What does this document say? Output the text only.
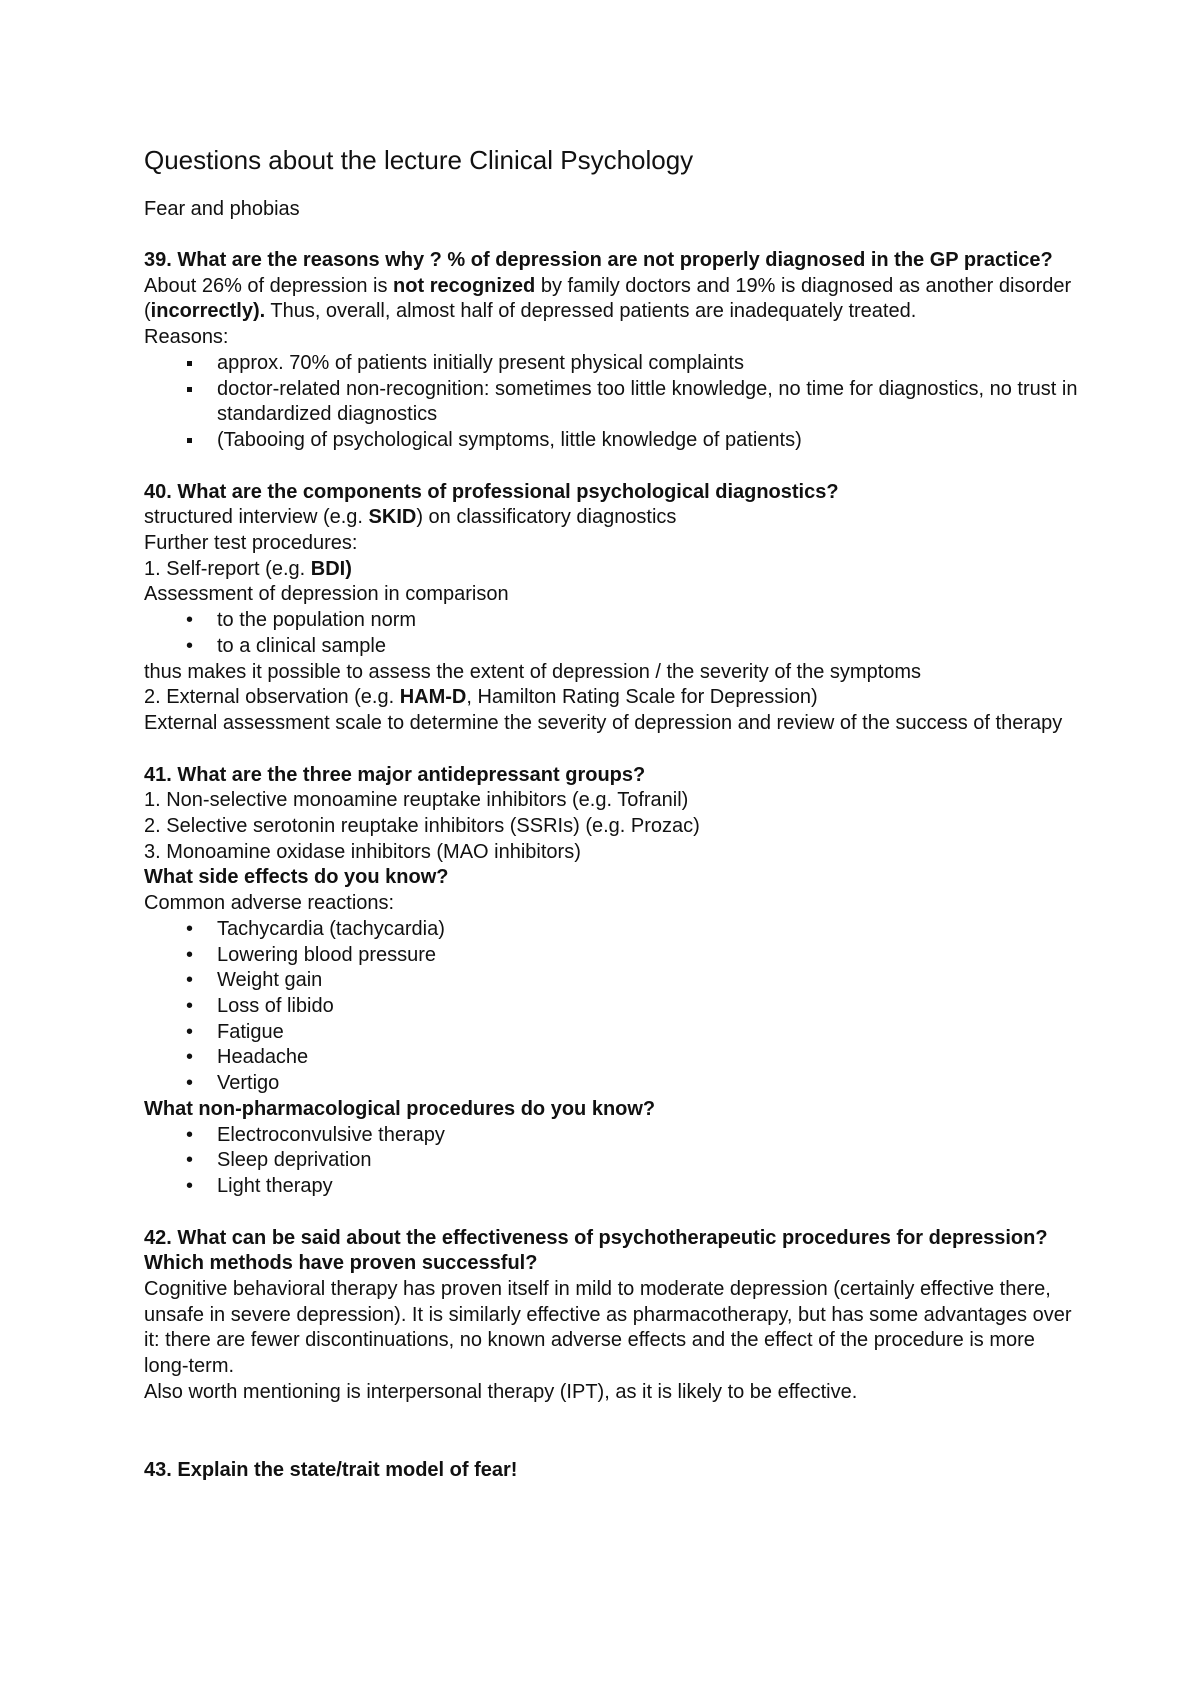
Questions about the lecture Clinical Psychology
Fear and phobias

39. What are the reasons why ? % of depression are not properly diagnosed in the GP practice?

About 26% of depression is not recognized by family doctors and 19% is diagnosed as another disorder (incorrectly). Thus, overall, almost half of depressed patients are inadequately treated.

Reasons:

approx. 70% of patients initially present physical complaints
doctor-related non-recognition: sometimes too little knowledge, no time for diagnostics, no trust in standardized diagnostics
(Tabooing of psychological symptoms, little knowledge of patients)

40. What are the components of professional psychological diagnostics?

structured interview (e.g. SKID) on classificatory diagnostics

Further test procedures:

1. Self-report (e.g. BDI)

Assessment of depression in comparison

• to the population norm
• to a clinical sample

thus makes it possible to assess the extent of depression / the severity of the symptoms

2. External observation (e.g. HAM-D, Hamilton Rating Scale for Depression)

External assessment scale to determine the severity of depression and review of the success of therapy

41. What are the three major antidepressant groups?

1. Non-selective monoamine reuptake inhibitors (e.g. Tofranil)

2. Selective serotonin reuptake inhibitors (SSRIs) (e.g. Prozac)

3. Monoamine oxidase inhibitors (MAO inhibitors)

What side effects do you know?

Common adverse reactions:

• Tachycardia (tachycardia)
• Lowering blood pressure
• Weight gain
• Loss of libido
• Fatigue
• Headache
• Vertigo

What non-pharmacological procedures do you know?

• Electroconvulsive therapy
• Sleep deprivation
• Light therapy

42. What can be said about the effectiveness of psychotherapeutic procedures for depression? Which methods have proven successful?

Cognitive behavioral therapy has proven itself in mild to moderate depression (certainly effective there, unsafe in severe depression). It is similarly effective as pharmacotherapy, but has some advantages over it: there are fewer discontinuations, no known adverse effects and the effect of the procedure is more long-term.

Also worth mentioning is interpersonal therapy (IPT), as it is likely to be effective.

43. Explain the state/trait model of fear!
